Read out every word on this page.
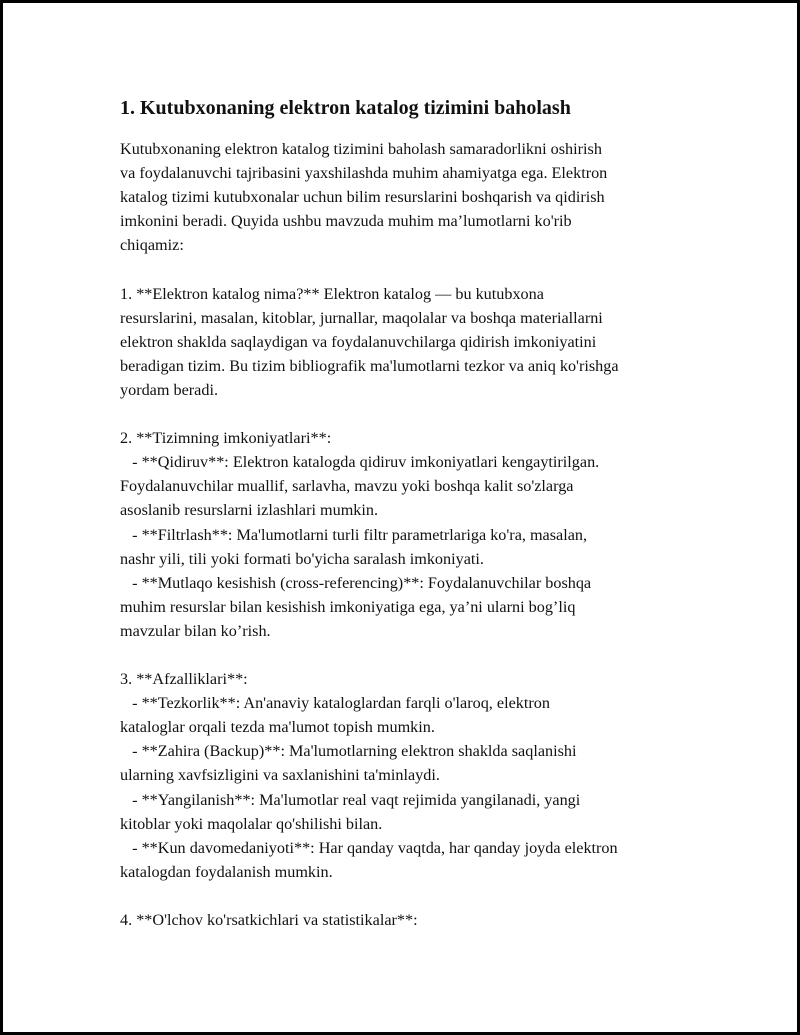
1. Kutubxonaning elektron katalog tizimini baholash

Kutubxonaning elektron katalog tizimini baholash samaradorlikni oshirish

va foydalanuvchi tajribasini yaxshilashda muhim ahamiyatga ega. Elektron

katalog tizimi kutubxonalar uchun bilim resurslarini boshqarish va qidirish

imkonini beradi. Quyida ushbu mavzuda muhim ma’lumotlarni ko'rib

chiqamiz:

1. **Elektron katalog nima?** Elektron katalog — bu kutubxona

resurslarini, masalan, kitoblar, jurnallar, maqolalar va boshqa materiallarni

elektron shaklda saqlaydigan va foydalanuvchilarga qidirish imkoniyatini

beradigan tizim. Bu tizim bibliografik ma'lumotlarni tezkor va aniq ko'rishga

yordam beradi.

2. **Tizimning imkoniyatlari**:

- **Qidiruv**: Elektron katalogda qidiruv imkoniyatlari kengaytirilgan.

Foydalanuvchilar muallif, sarlavha, mavzu yoki boshqa kalit so'zlarga

asoslanib resurslarni izlashlari mumkin.

- **Filtrlash**: Ma'lumotlarni turli filtr parametrlariga ko'ra, masalan,

nashr yili, tili yoki formati bo'yicha saralash imkoniyati.

- **Mutlaqo kesishish (cross-referencing)**: Foydalanuvchilar boshqa

muhim resurslar bilan kesishish imkoniyatiga ega, ya’ni ularni bog’liq

mavzular bilan ko’rish.

3. **Afzalliklari**:

- **Tezkorlik**: An'anaviy kataloglardan farqli o'laroq, elektron

kataloglar orqali tezda ma'lumot topish mumkin.

- **Zahira (Backup)**: Ma'lumotlarning elektron shaklda saqlanishi

ularning xavfsizligini va saxlanishini ta'minlaydi.

- **Yangilanish**: Ma'lumotlar real vaqt rejimida yangilanadi, yangi

kitoblar yoki maqolalar qo'shilishi bilan.

- **Kun davomedaniyoti**: Har qanday vaqtda, har qanday joyda elektron

katalogdan foydalanish mumkin.

4. **O'lchov ko'rsatkichlari va statistikalar**:
